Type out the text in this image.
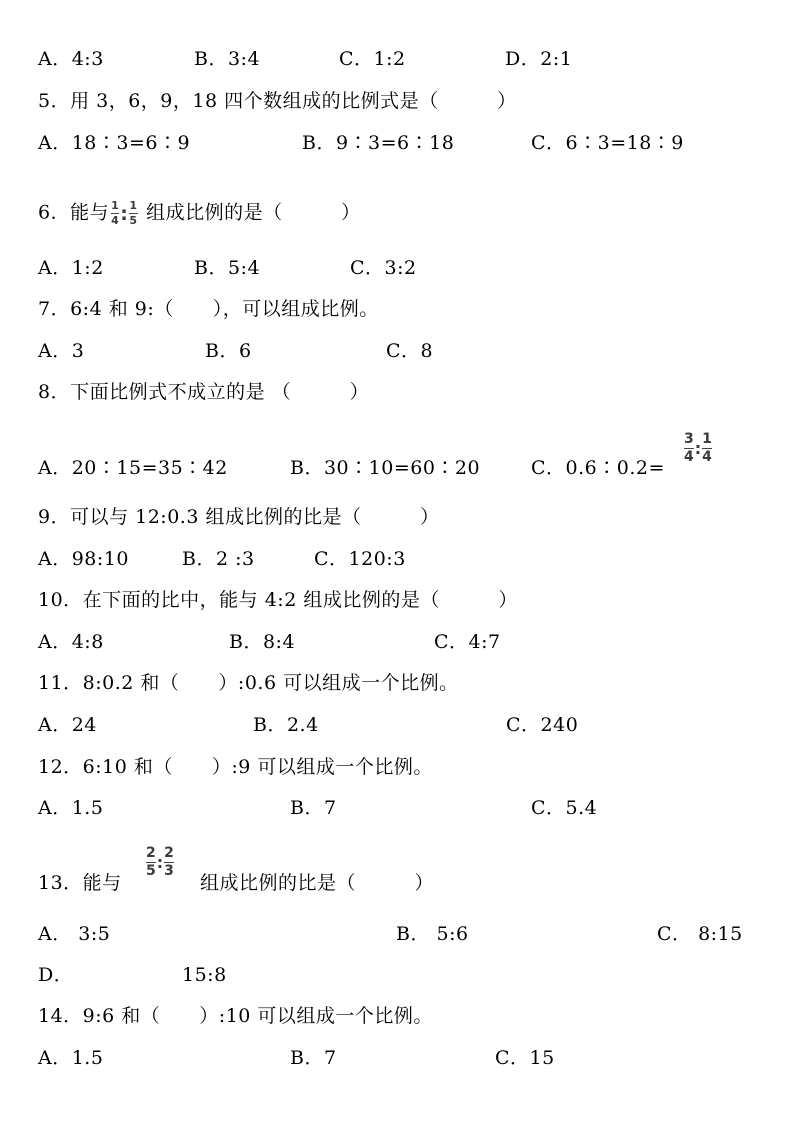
A．4:3	B．3:4	C．1:2	D．2:1
5．用 3，6，9，18 四个数组成的比例式是（　　　）
A．18∶3=6∶9	B．9∶3=6∶18	C．6∶3=18∶9
6．能与 $\frac{1}{4}$ : $\frac{1}{5}$ 组成比例的是（　　　）
A．1:2	B．5:4	C．3:2
7．6:4 和 9:（　　），可以组成比例。
A．3	B．6	C．8
8．下面比例式不成立的是 （　　　）
A．20∶15=35∶42	B．30∶10=60∶20	C．0.6∶0.2=
$\frac{3}{4}$ : $\frac{1}{4}$
9．可以与 12:0.3 组成比例的比是（　　　）
A．98:10	B．2 :3	C．120:3
10．在下面的比中，能与 4:2 组成比例的是（　　　）
A．4:8	B．8:4	C．4:7
11．8:0.2 和（　　）:0.6 可以组成一个比例。
A．24	B．2.4	C．240
12．6:10 和（　　）:9 可以组成一个比例。
A．1.5	B．7	C．5.4
13．能与
$\frac{2}{5}$ : $\frac{2}{3}$
组成比例的比是（　　　）
A． 3:5	B． 5:6	C． 8:15
D．	15:8
14．9:6 和（　　）:10 可以组成一个比例。
A．1.5	B．7	C．15
